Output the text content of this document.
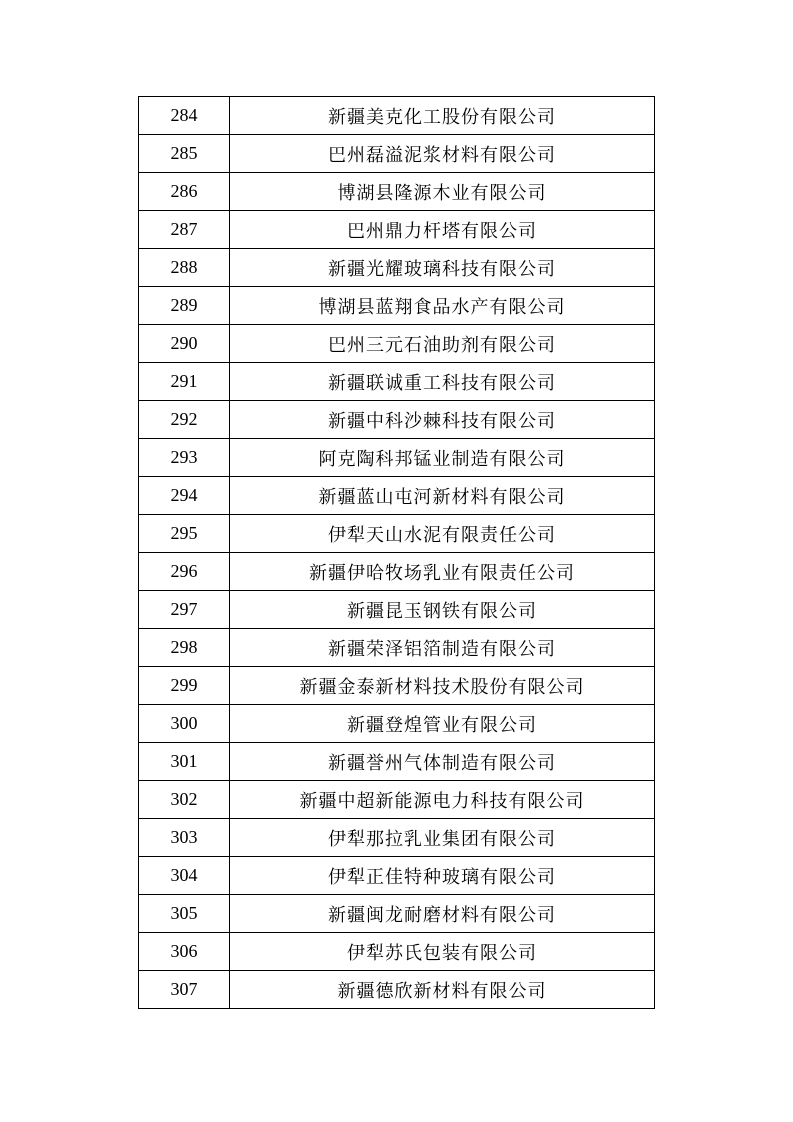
284	新疆美克化工股份有限公司
285	巴州磊溢泥浆材料有限公司
286	博湖县隆源木业有限公司
287	巴州鼎力杆塔有限公司
288	新疆光耀玻璃科技有限公司
289	博湖县蓝翔食品水产有限公司
290	巴州三元石油助剂有限公司
291	新疆联诚重工科技有限公司
292	新疆中科沙棘科技有限公司
293	阿克陶科邦锰业制造有限公司
294	新疆蓝山屯河新材料有限公司
295	伊犁天山水泥有限责任公司
296	新疆伊哈牧场乳业有限责任公司
297	新疆昆玉钢铁有限公司
298	新疆荣泽铝箔制造有限公司
299	新疆金泰新材料技术股份有限公司
300	新疆登煌管业有限公司
301	新疆誉州气体制造有限公司
302	新疆中超新能源电力科技有限公司
303	伊犁那拉乳业集团有限公司
304	伊犁正佳特种玻璃有限公司
305	新疆闽龙耐磨材料有限公司
306	伊犁苏氏包装有限公司
307	新疆德欣新材料有限公司
